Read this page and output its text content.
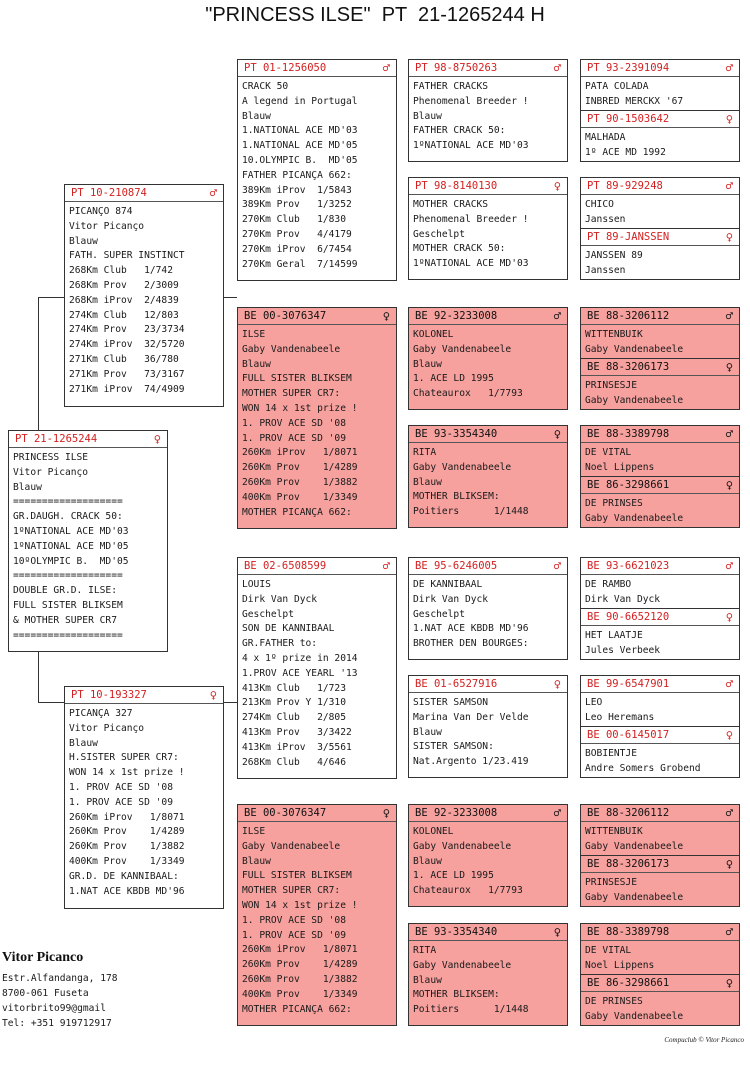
"PRINCESS ILSE"  PT  21-1265244 H
PT 21-1265244	♀
PRINCESS ILSE
Vitor Picanço
Blauw
===================
GR.DAUGH. CRACK 50:
1ºNATIONAL ACE MD'03
1ºNATIONAL ACE MD'05
10ºOLYMPIC B.  MD'05
===================
DOUBLE GR.D. ILSE:
FULL SISTER BLIKSEM
& MOTHER SUPER CR7
===================
PT 10-210874	♂
PICANÇO 874
Vitor Picanço
Blauw
FATH. SUPER INSTINCT
268Km Club   1/742
268Km Prov   2/3009
268Km iProv  2/4839
274Km Club   12/803
274Km Prov   23/3734
274Km iProv  32/5720
271Km Club   36/780
271Km Prov   73/3167
271Km iProv  74/4909
PT 10-193327	♀
PICANÇA 327
Vitor Picanço
Blauw
H.SISTER SUPER CR7:
WON 14 x 1st prize !
1. PROV ACE SD '08
1. PROV ACE SD '09
260Km iProv   1/8071
260Km Prov    1/4289
260Km Prov    1/3882
400Km Prov    1/3349
GR.D. DE KANNIBAAL:
1.NAT ACE KBDB MD'96
PT 01-1256050	♂
CRACK 50
A legend in Portugal
Blauw
1.NATIONAL ACE MD'03
1.NATIONAL ACE MD'05
10.OLYMPIC B.  MD'05
FATHER PICANÇA 662:
389Km iProv  1/5843
389Km Prov   1/3252
270Km Club   1/830
270Km Prov   4/4179
270Km iProv  6/7454
270Km Geral  7/14599
BE 00-3076347	♀
ILSE
Gaby Vandenabeele
Blauw
FULL SISTER BLIKSEM
MOTHER SUPER CR7:
WON 14 x 1st prize !
1. PROV ACE SD '08
1. PROV ACE SD '09
260Km iProv   1/8071
260Km Prov    1/4289
260Km Prov    1/3882
400Km Prov    1/3349
MOTHER PICANÇA 662:
BE 02-6508599	♂
LOUIS
Dirk Van Dyck
Geschelpt
SON DE KANNIBAAL
GR.FATHER to:
4 x 1º prize in 2014
1.PROV ACE YEARL '13
413Km Club   1/723
213Km Prov Y 1/310
274Km Club   2/805
413Km Prov   3/3422
413Km iProv  3/5561
268Km Club   4/646
BE 00-3076347	♀
ILSE
Gaby Vandenabeele
Blauw
FULL SISTER BLIKSEM
MOTHER SUPER CR7:
WON 14 x 1st prize !
1. PROV ACE SD '08
1. PROV ACE SD '09
260Km iProv   1/8071
260Km Prov    1/4289
260Km Prov    1/3882
400Km Prov    1/3349
MOTHER PICANÇA 662:
PT 98-8750263	♂
FATHER CRACKS
Phenomenal Breeder !
Blauw
FATHER CRACK 50:
1ºNATIONAL ACE MD'03
PT 98-8140130	♀
MOTHER CRACKS
Phenomenal Breeder !
Geschelpt
MOTHER CRACK 50:
1ºNATIONAL ACE MD'03
BE 92-3233008	♂
KOLONEL
Gaby Vandenabeele
Blauw
1. ACE LD 1995
Chateaurox   1/7793
BE 93-3354340	♀
RITA
Gaby Vandenabeele
Blauw
MOTHER BLIKSEM:
Poitiers      1/1448
BE 95-6246005	♂
DE KANNIBAAL
Dirk Van Dyck
Geschelpt
1.NAT ACE KBDB MD'96
BROTHER DEN BOURGES:
BE 01-6527916	♀
SISTER SAMSON
Marina Van Der Velde
Blauw
SISTER SAMSON:
Nat.Argento 1/23.419
BE 92-3233008	♂
KOLONEL
Gaby Vandenabeele
Blauw
1. ACE LD 1995
Chateaurox   1/7793
BE 93-3354340	♀
RITA
Gaby Vandenabeele
Blauw
MOTHER BLIKSEM:
Poitiers      1/1448
PT 93-2391094	♂
PATA COLADA
INBRED MERCKX '67
PT 90-1503642	♀
MALHADA
1º ACE MD 1992
PT 89-929248	♂
CHICO
Janssen
PT 89-JANSSEN	♀
JANSSEN 89
Janssen
BE 88-3206112	♂
WITTENBUIK
Gaby Vandenabeele
BE 88-3206173	♀
PRINSESJE
Gaby Vandenabeele
BE 88-3389798	♂
DE VITAL
Noel Lippens
BE 86-3298661	♀
DE PRINSES
Gaby Vandenabeele
BE 93-6621023	♂
DE RAMBO
Dirk Van Dyck
BE 90-6652120	♀
HET LAATJE
Jules Verbeek
BE 99-6547901	♂
LEO
Leo Heremans
BE 00-6145017	♀
BOBIENTJE
Andre Somers Grobend
BE 88-3206112	♂
WITTENBUIK
Gaby Vandenabeele
BE 88-3206173	♀
PRINSESJE
Gaby Vandenabeele
BE 88-3389798	♂
DE VITAL
Noel Lippens
BE 86-3298661	♀
DE PRINSES
Gaby Vandenabeele
Vitor Picanco
Estr.Alfandanga, 178
8700-061 Fuseta
vitorbrito99@gmail
Tel: +351 919712917
Compuclub © Vitor Picanco
